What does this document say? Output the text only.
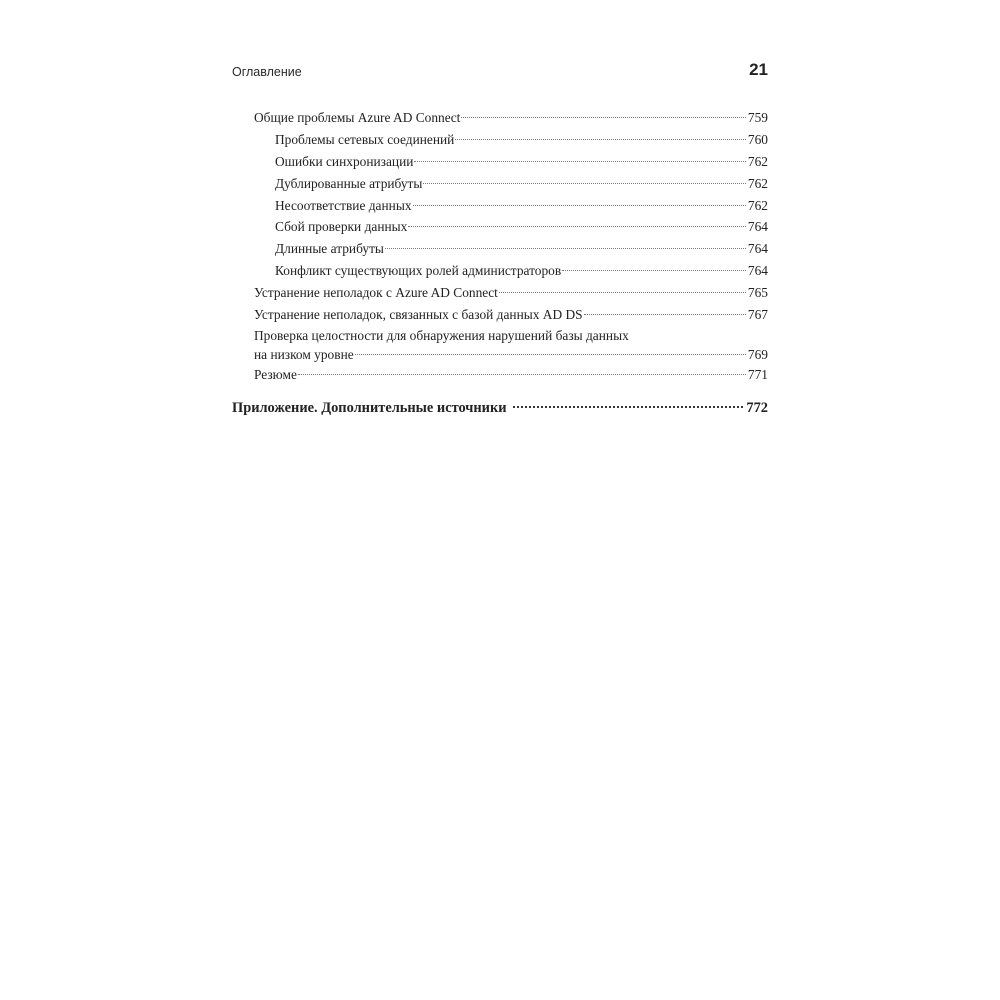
Оглавление	21
Общие проблемы Azure AD Connect	759
Проблемы сетевых соединений	760
Ошибки синхронизации	762
Дублированные атрибуты	762
Несоответствие данных	762
Сбой проверки данных	764
Длинные атрибуты	764
Конфликт существующих ролей администраторов	764
Устранение неполадок с Azure AD Connect	765
Устранение неполадок, связанных с базой данных AD DS	767
Проверка целостности для обнаружения нарушений базы данных
на низком уровне	769
Резюме	771
Приложение. Дополнительные источники	772
